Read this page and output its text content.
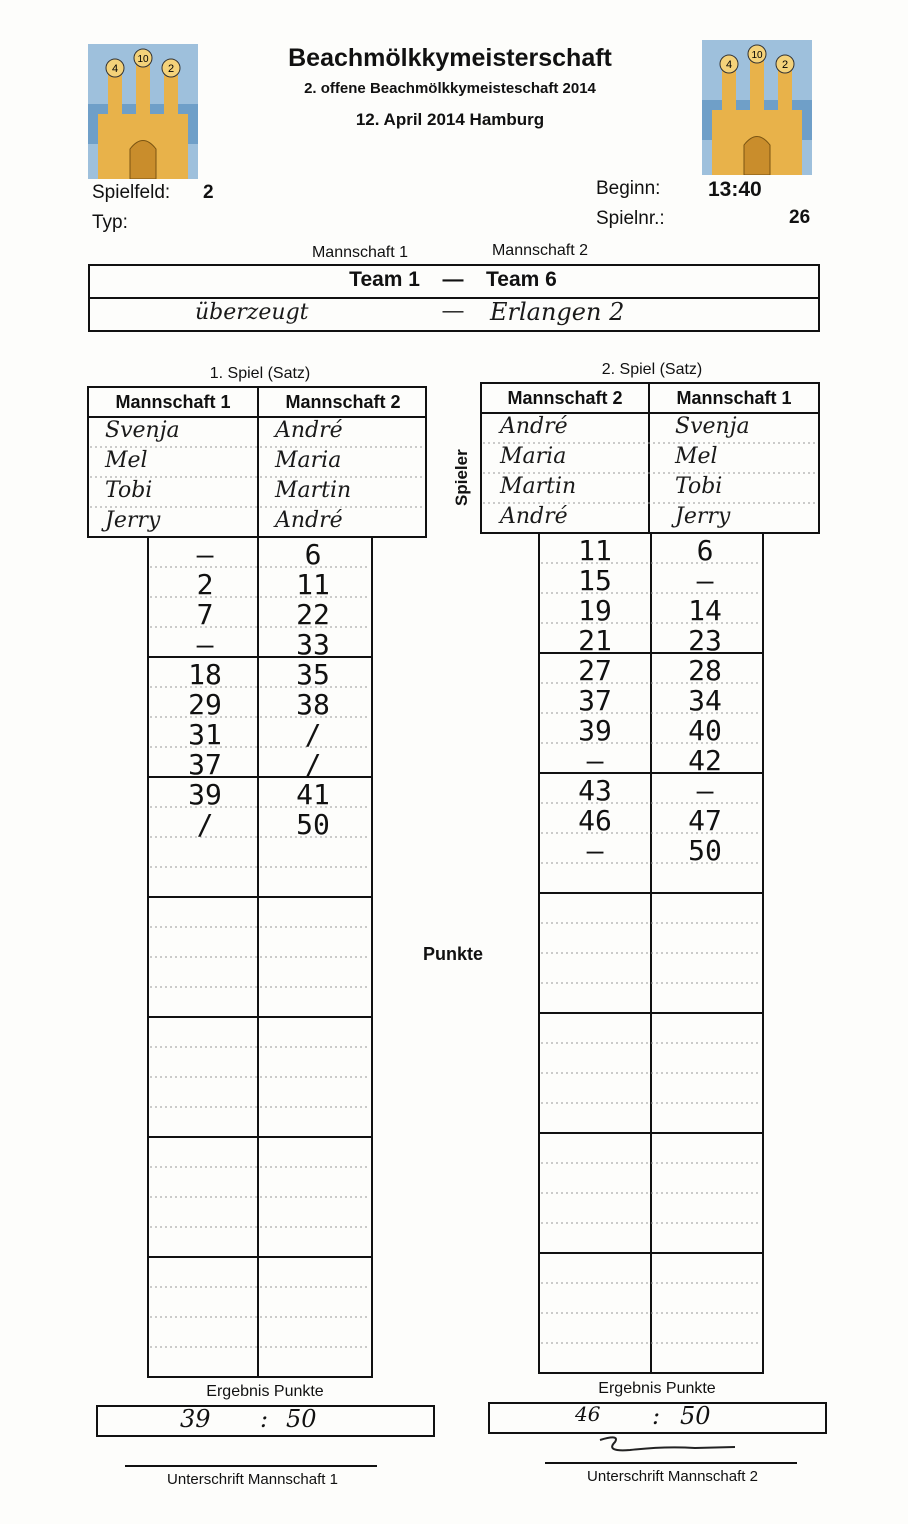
4
10
2	4
10
2
Beachmölkkymeisterschaft
2. offene Beachmölkkymeisteschaft 2014
12. April 2014 Hamburg
Spielfeld: 2
Typ:
Beginn: 13:40
Spielnr.:	26
Mannschaft 1	Mannschaft 2
Team 1 — Team 6
überzeugt	— Erlangen 2
1. Spiel (Satz)	2. Spiel (Satz)
Mannschaft 1	Mannschaft 2
Svenja	André
Mel	Maria
Tobi	Martin
Jerry	André
—	6
2	11
7	22
—	33
18	35
29	38
31	/
37	/
39	41
/	50
Mannschaft 2	Mannschaft 1
André	Svenja
Maria	Mel
Martin	Tobi
André	Jerry
11	6
15	—
19	14
21	23
27	28
37	34
39	40
—	42
43	—
46	47
—	50
Spieler
Punkte
Ergebnis Punkte
39 : 50
Unterschrift Mannschaft 1
Ergebnis Punkte
46 : 50
Unterschrift Mannschaft 2
